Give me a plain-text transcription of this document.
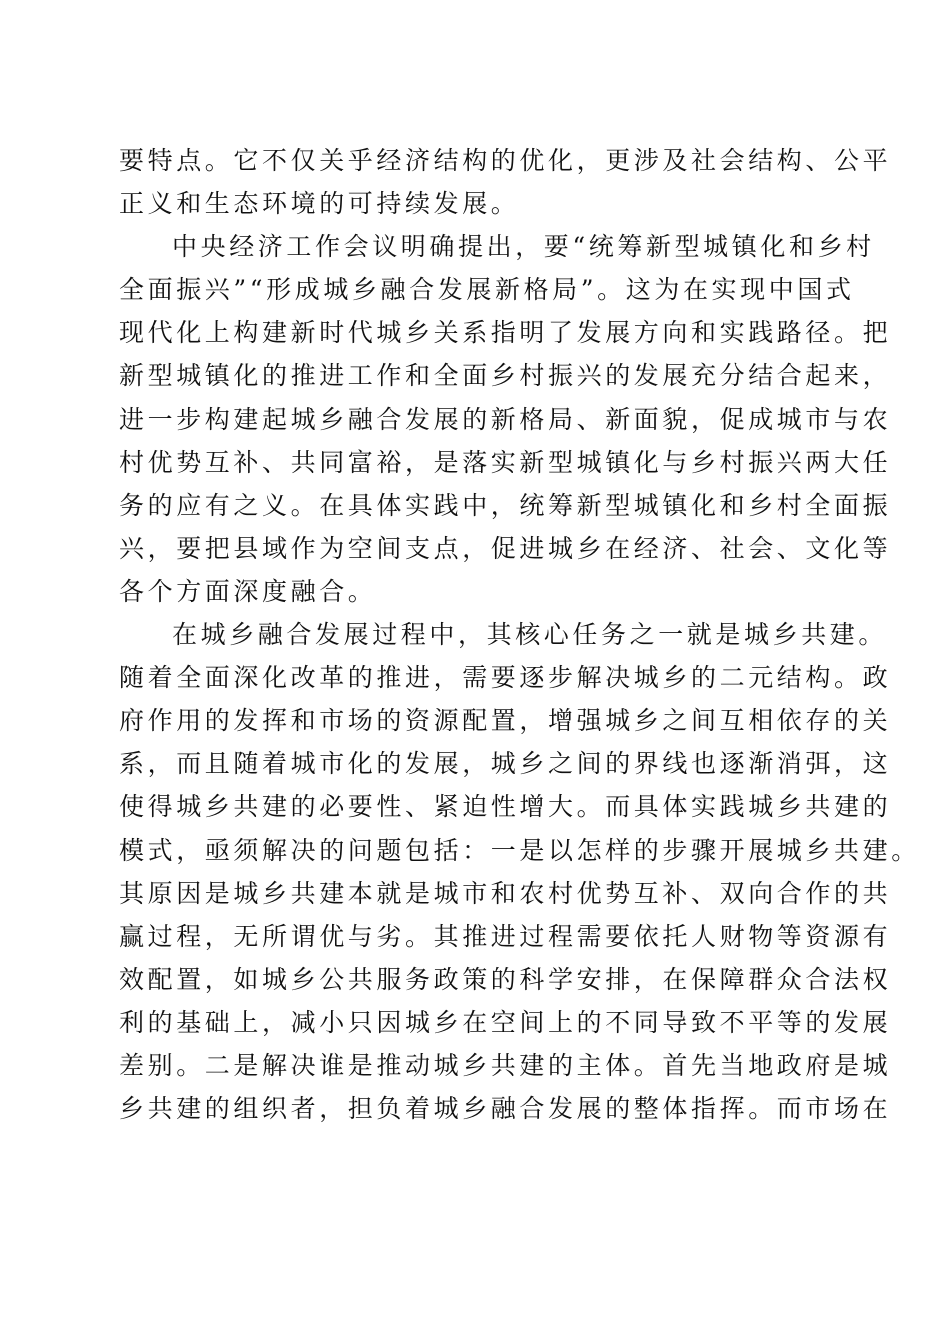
要特点。它不仅关乎经济结构的优化，更涉及社会结构、公平
正义和生态环境的可持续发展。
中央经济工作会议明确提出，要“统筹新型城镇化和乡村
全面振兴”“形成城乡融合发展新格局”。这为在实现中国式
现代化上构建新时代城乡关系指明了发展方向和实践路径。把
新型城镇化的推进工作和全面乡村振兴的发展充分结合起来，
进一步构建起城乡融合发展的新格局、新面貌，促成城市与农
村优势互补、共同富裕，是落实新型城镇化与乡村振兴两大任
务的应有之义。在具体实践中，统筹新型城镇化和乡村全面振
兴，要把县域作为空间支点，促进城乡在经济、社会、文化等
各个方面深度融合。
在城乡融合发展过程中，其核心任务之一就是城乡共建。
随着全面深化改革的推进，需要逐步解决城乡的二元结构。政
府作用的发挥和市场的资源配置，增强城乡之间互相依存的关
系，而且随着城市化的发展，城乡之间的界线也逐渐消弭，这
使得城乡共建的必要性、紧迫性增大。而具体实践城乡共建的
模式，亟须解决的问题包括：一是以怎样的步骤开展城乡共建。
其原因是城乡共建本就是城市和农村优势互补、双向合作的共
赢过程，无所谓优与劣。其推进过程需要依托人财物等资源有
效配置，如城乡公共服务政策的科学安排，在保障群众合法权
利的基础上，减小只因城乡在空间上的不同导致不平等的发展
差别。二是解决谁是推动城乡共建的主体。首先当地政府是城
乡共建的组织者，担负着城乡融合发展的整体指挥。而市场在
